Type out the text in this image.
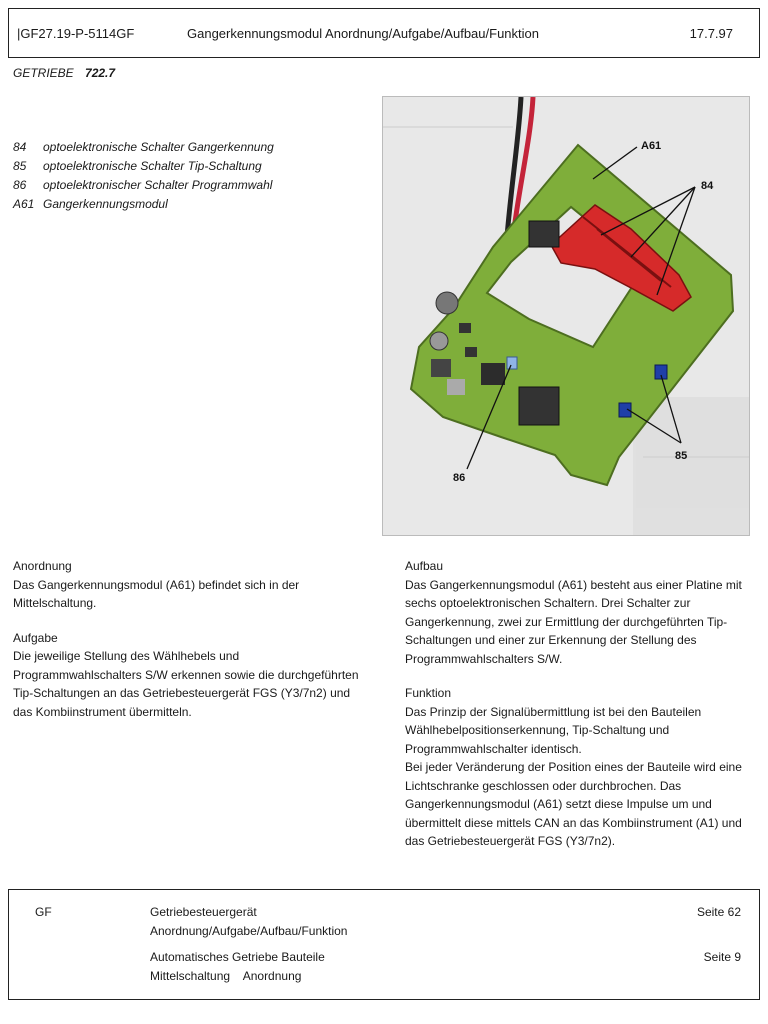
|GF27.19-P-5114GF	Gangerkennungsmodul Anordnung/Aufgabe/Aufbau/Funktion	17.7.97
GETRIEBE 722.7
84 optoelektronische Schalter Gangerkennung
85 optoelektronische Schalter Tip-Schaltung
86 optoelektronischer Schalter Programmwahl
A61 Gangerkennungsmodul
A61
84
85
86

Anordnung
Das Gangerkennungsmodul (A61) befindet sich in der Mittelschaltung.

Aufgabe
Die jeweilige Stellung des Wählhebels und Programmwahlschalters S/W erkennen sowie die durchgeführten Tip-Schaltungen an das Getriebesteuergerät FGS (Y3/7n2) und das Kombiinstrument übermitteln.

Aufbau
Das Gangerkennungsmodul (A61) besteht aus einer Platine mit sechs optoelektronischen Schaltern. Drei Schalter zur Gangerkennung, zwei zur Ermittlung der durchgeführten Tip-Schaltungen und einer zur Erkennung der Stellung des Programmwahlschalters S/W.

Funktion
Das Prinzip der Signalübermittlung ist bei den Bauteilen Wählhebelpositionserkennung, Tip-Schaltung und Programmwahlschalter identisch.
Bei jeder Veränderung der Position eines der Bauteile wird eine Lichtschranke geschlossen oder durchbrochen. Das Gangerkennungsmodul (A61) setzt diese Impulse um und übermittelt diese mittels CAN an das Kombiinstrument (A1) und das Getriebesteuergerät FGS (Y3/7n2).

GF	Getriebesteuergerät
Anordnung/Aufgabe/Aufbau/Funktion
Seite 62
Automatisches Getriebe Bauteile
Mittelschaltung    Anordnung
Seite 9
